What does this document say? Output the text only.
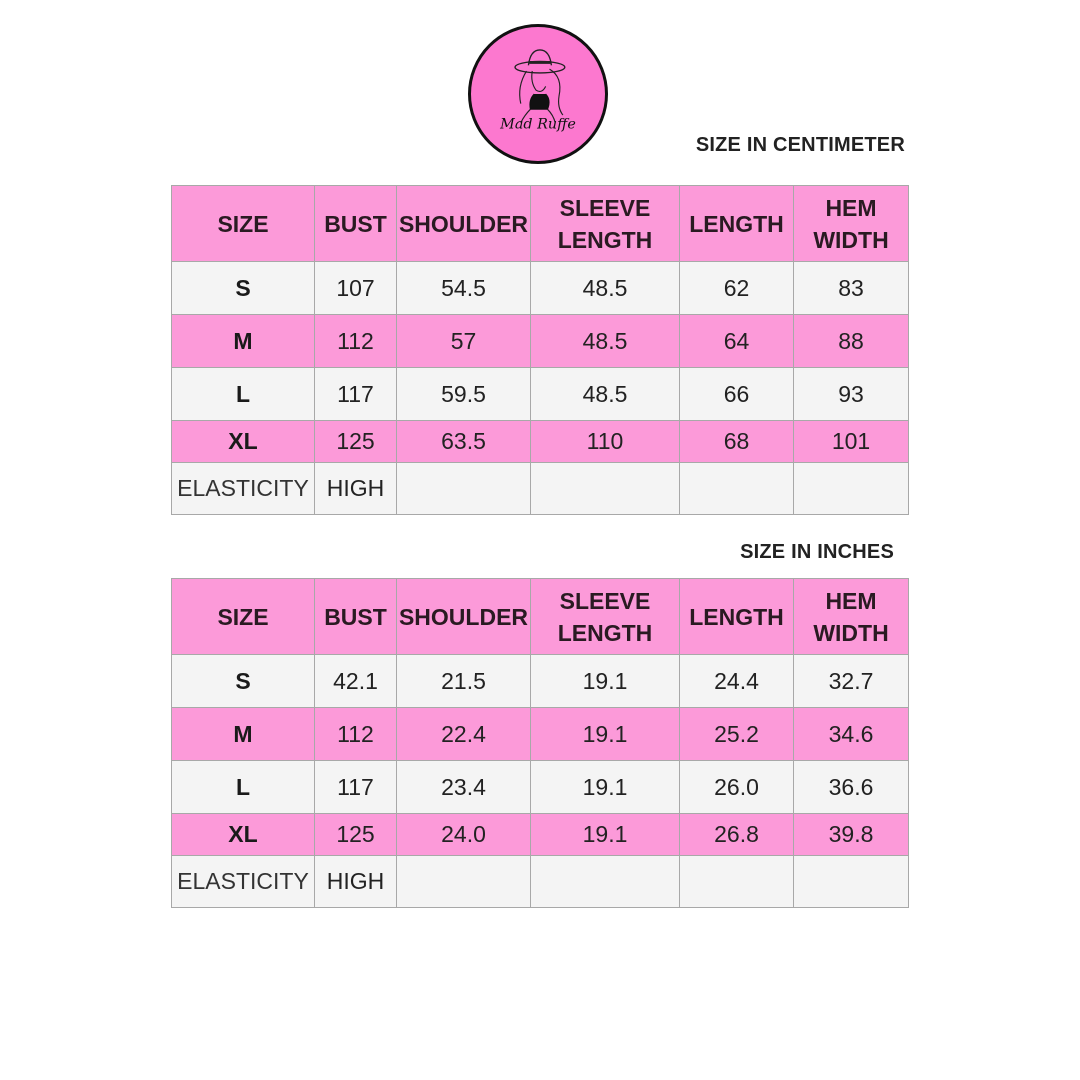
Mad Ruffe
SIZE IN CENTIMETER
SIZE	BUST	SHOULDER	SLEEVE LENGTH	LENGTH	HEM WIDTH
S	107	54.5	48.5	62	83
M	112	57	48.5	64	88
L	117	59.5	48.5	66	93
XL	125	63.5	110	68	101
ELASTICITY	HIGH				
SIZE IN INCHES
SIZE	BUST	SHOULDER	SLEEVE LENGTH	LENGTH	HEM WIDTH
S	42.1	21.5	19.1	24.4	32.7
M	112	22.4	19.1	25.2	34.6
L	117	23.4	19.1	26.0	36.6
XL	125	24.0	19.1	26.8	39.8
ELASTICITY	HIGH				
